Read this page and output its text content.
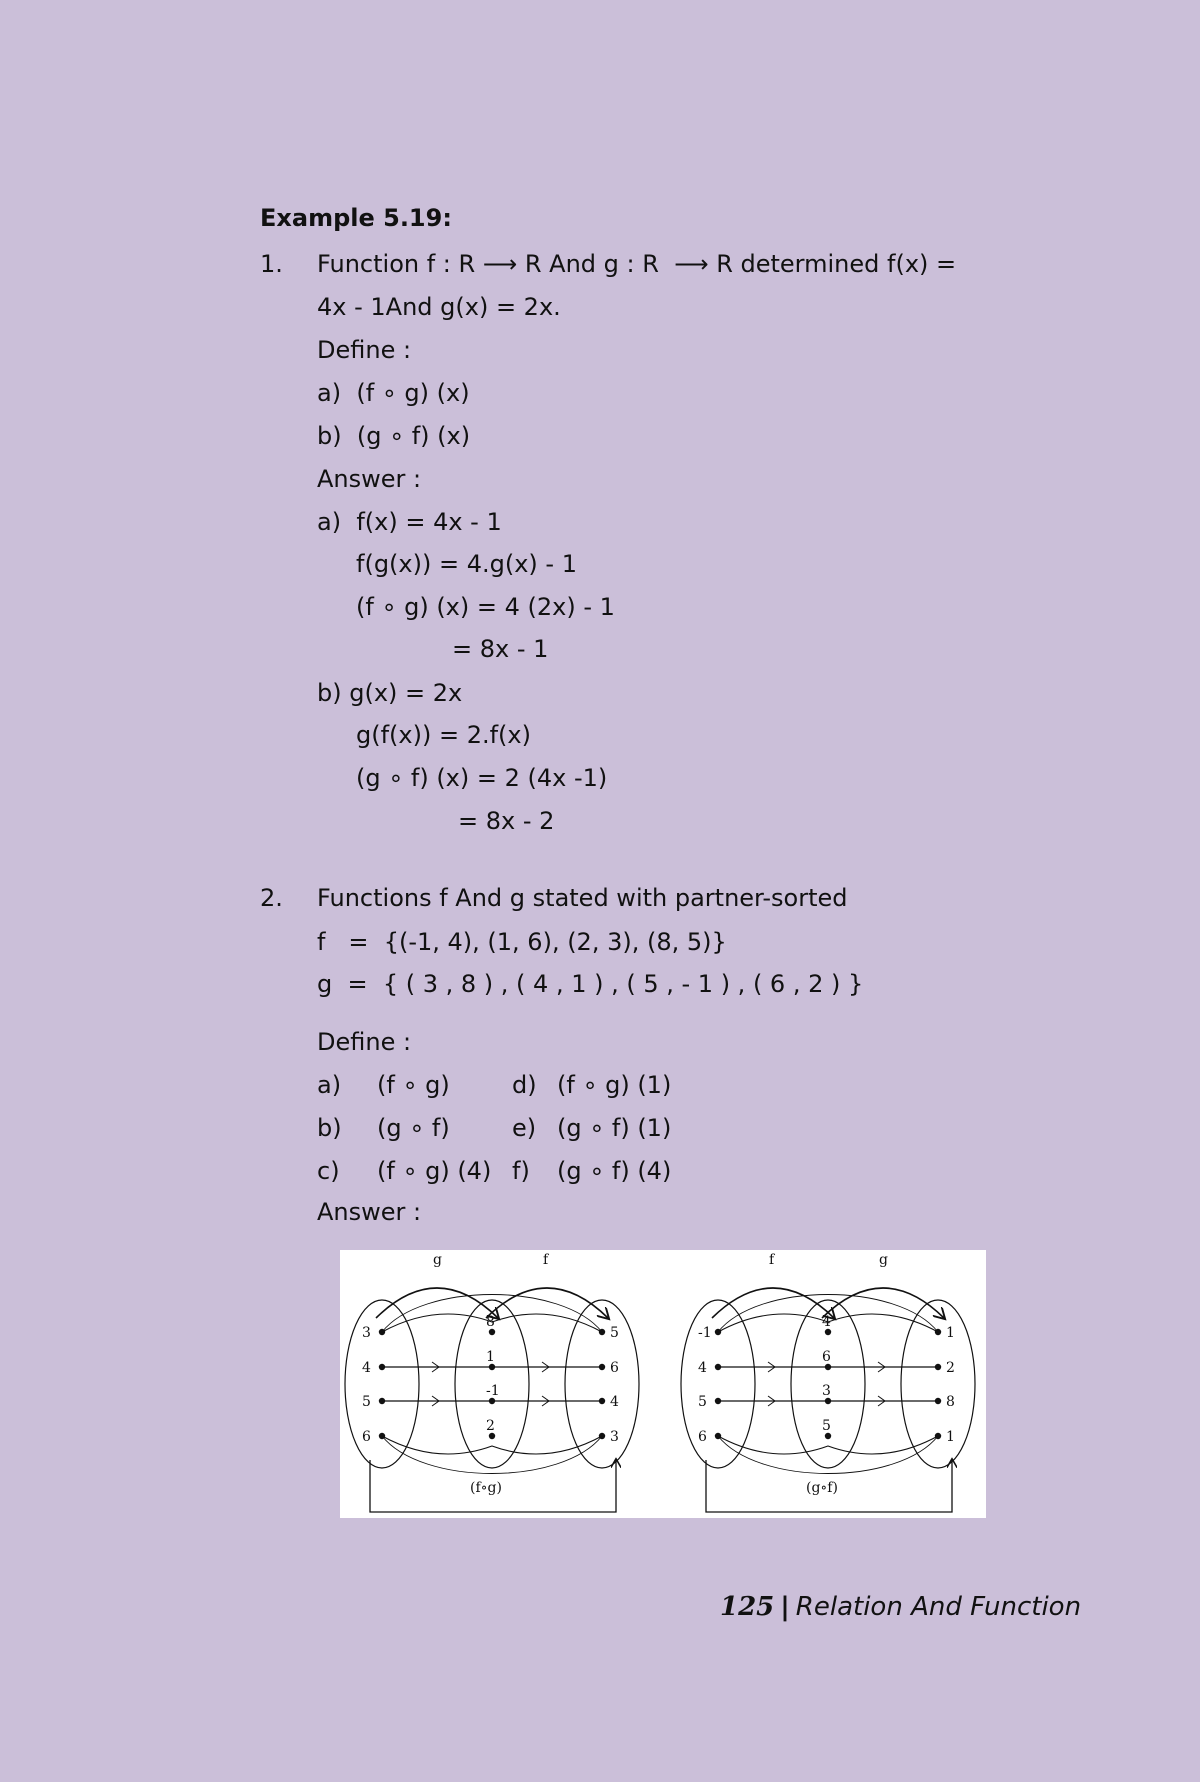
Example 5.19:
1. Function f : R ⟶ R And g : R  ⟶ R determined f(x) =
4x - 1And g(x) = 2x.
Define :
a)  (f ∘ g) (x)
b)  (g ∘ f) (x)
Answer :
a)  f(x) = 4x - 1
f(g(x)) = 4.g(x) - 1
(f ∘ g) (x) = 4 (2x) - 1
= 8x - 1
b) g(x) = 2x
g(f(x)) = 2.f(x)
(g ∘ f) (x) = 2 (4x -1)
= 8x - 2
2. Functions f And g stated with partner-sorted
f   =  {(-1, 4), (1, 6), (2, 3), (8, 5)}
g  =  { ( 3 , 8 ) , ( 4 , 1 ) , ( 5 , - 1 ) , ( 6 , 2 ) }
Define :
a) (f ∘ g)	d) (f ∘ g) (1)
b) (g ∘ f)	e) (g ∘ f) (1)
c) (f ∘ g) (4) f) (g ∘ f) (4)
Answer :
g	f
3
4
5
6
8
1
-1
2
5
6
4
3
(f∘g)
f	g
-1
4
5
6
4
6
3
5
1
2
8
1
(g∘f)
125 | Relation And Function
